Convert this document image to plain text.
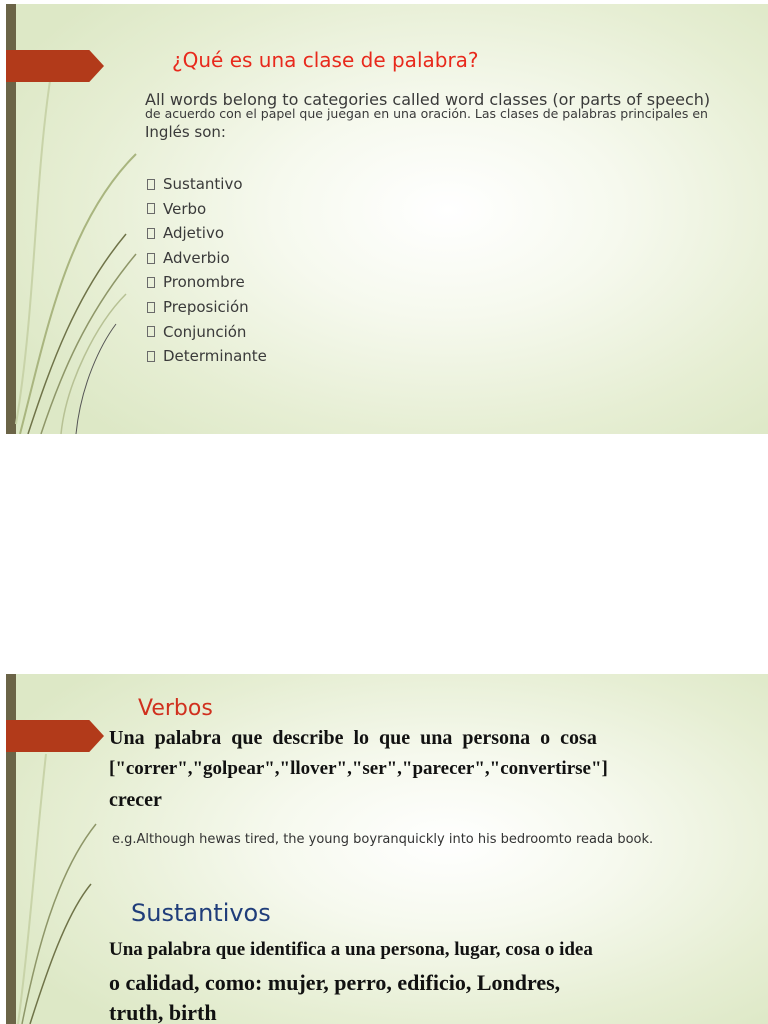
¿Qué es una clase de palabra?

All words belong to categories called word classes (or parts of speech)

de acuerdo con el papel que juegan en una oración. Las clases de palabras principales en

Inglés son:

Sustantivo
Verbo
Adjetivo
Adverbio
Pronombre
Preposición
Conjunción
Determinante

Verbos

Una palabra que describe lo que una persona o cosa

["correr","golpear","llover","ser","parecer","convertirse"]

crecer

e.g.Although hewas tired, the young boyranquickly into his bedroomto reada book.

Sustantivos

Una palabra que identifica a una persona, lugar, cosa o idea

o calidad, como: mujer, perro, edificio, Londres,

truth, birth
